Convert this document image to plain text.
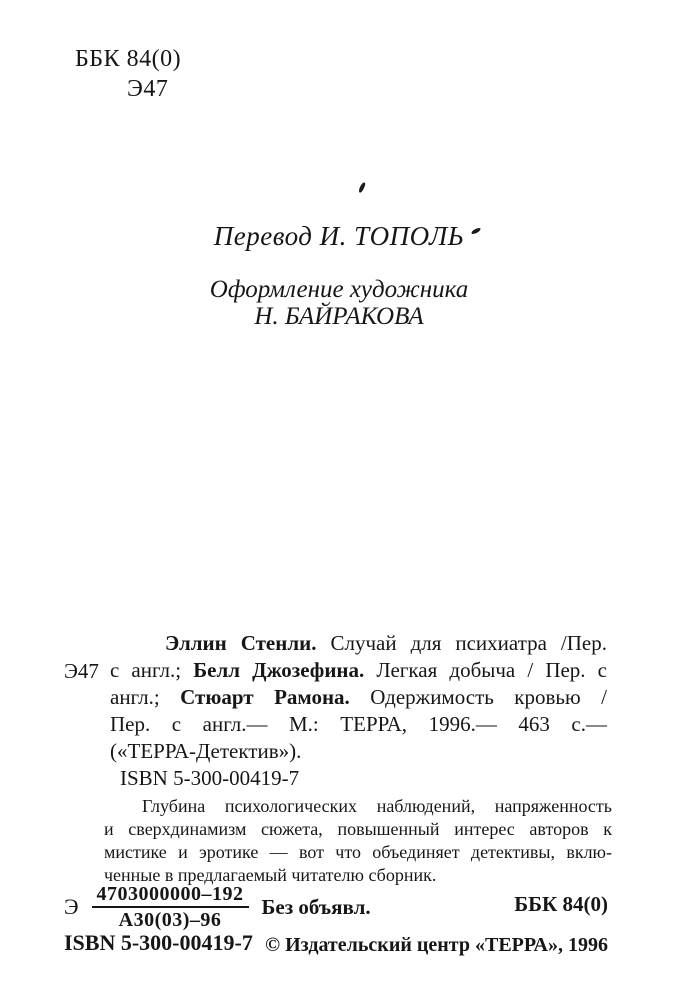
ББК 84(0)
Э47
Перевод И. ТОПОЛЬ
Оформление художника
Н. БАЙРАКОВА
Э47
Эллин Стенли. Случай для психиатра /Пер.
с англ.; Белл Джозефина. Легкая добыча / Пер. с
англ.; Стюарт Рамона. Одержимость кровью /
Пер. с англ.— М.: ТЕРРА, 1996.— 463 с.—
(«ТЕРРА-Детектив»).
ISBN 5-300-00419-7
Глубина психологических наблюдений, напряженность
и сверхдинамизм сюжета, повышенный интерес авторов к
мистике и эротике — вот что объединяет детективы, вклю-
ченные в предлагаемый читателю сборник.
Э $\frac{4703000000-192}{А30(03)-96}$ Без объявл.	ББК 84(0)
ISBN 5-300-00419-7 © Издательский центр «ТЕРРА», 1996
